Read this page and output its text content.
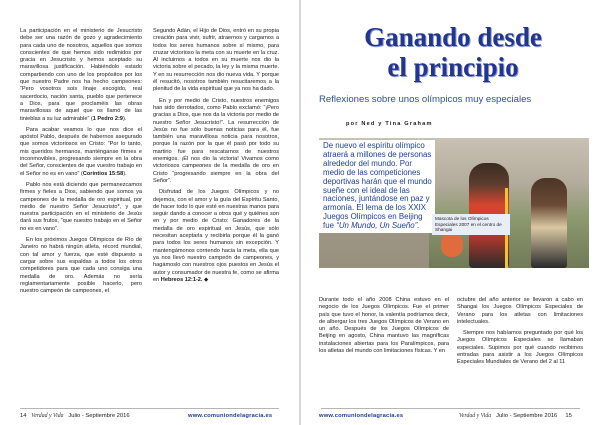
La participación en el ministerio de Jesucristo debe ser una razón de gozo y agradecimiento para cada uno de nosotros, aquellos que somos conscientes de que hemos sido redimidos por gracia en Jesucristo y hemos aceptado su maravillosa justificación. Habiéndolo estado compartiendo con uno de los propósitos por los que nuestro Padre nos ha hecho campeones: “Pero vosotros sois linaje escogido, real sacerdocio, nación santa, pueblo que pertenece a Dios, para que proclaméis las obras maravillosas de aquel que os llamó de las tinieblas a su luz admirable” (1 Pedro 2:9).

Para acabar veamos lo que nos dice el apóstol Pablo, después de habernos asegurado que somos victoriosos en Cristo: “Por lo tanto, mis queridos hermanos, manténganse firmes e inconmovibles, progresando siempre en la obra del Señor, conscientes de que vuestro trabajo en el Señor no es en vano” (Corintios 15:58).

Pablo nos está diciendo que permanezcamos firmes y fieles a Dios, sabiendo que somos ya campeones de la medalla de oro espiritual, por medio de nuestro Señor Jesucristo*, y que nuestra participación en el ministerio de Jesús dará sus frutos, “que nuestro trabajo en el Señor no es en vano”.

En los próximos Juegos Olímpicos de Río de Janeiro no habrá ningún atleta, récord mundial, con tal amor y fuerza, que esté dispuesto a cargar sobre sus espaldas a todos los otros competidores para que cada uno consiga una medalla de oro. Además no sería reglamentariamente posible hacerlo, pero nuestro campeón de campeones, el

Segundo Adán, el Hijo de Dios, entró en su propia creación para vivir, sufrir, atraernos y cargarnos a todos los seres humanos sobre sí mismo, para cruzar victorioso la meta con su muerte en la cruz. Al incluirnos a todos en su muerte nos dio la victoria sobre el pecado, la ley y la misma muerte. Y en su resurrección nos dio nueva vida. Y porque él resucitó, nosotros también resucitaremos a la plenitud de la vida espiritual que ya nos ha dado.

En y por medio de Cristo, nuestros enemigos han sido derrotados, como Pablo exclamó: “¡Pero gracias a Dios, que nos da la victoria por medio de nuestro Señor Jesucristo!”. La resurrección de Jesús no fue sólo buenas noticias para él, fue también una maravillosa noticia para nosotros, porque la razón por la que él pasó por todo su martirio fue para rescatarnos de nuestros enemigos. ¡Él nos dio la victoria! Vivamos como victoriosos campeones de la medalla de oro en Cristo “progresando siempre en la obra del Señor”.

Disfrutad de los Juegos Olímpicos y no dejemos, con el amor y la guía del Espíritu Santo, de hacer todo lo que esté en nuestras manos para seguir dando a conocer a otros qué y quiénes son en y por medio de Cristo: Ganadores de la medalla de oro espiritual en Jesús, que sólo necesitan aceptarla y recibirla porque él la ganó para todos los seres humanos sin excepción. Y mantengámonos corriendo hacia la meta, ella que ya nos llevó nuestro campeón de campeones, y hagámoslo con nuestros ojos puestos en Jesús el autor y consumador de nuestra fe, como se afirma en Hebreos 12:1-2. ◆

14 Verdad y Vida Julio - Septiembre 2016	www.comuniondelagracia.es
Ganando desde
el principio
Reflexiones sobre unos olímpicos muy especiales
por Ned y Tina Graham
De nuevo el espíritu olímpico atraerá a millones de personas alrededor del mundo. Por medio de las competiciones deportivas harán que el mundo sueñe con el ideal de las naciones, juntándose en paz y armonía. El lema de los XXIX Juegos Olímpicos en Beijing fue “Un Mundo, Un Sueño”.
Mascota de los Olímpicos Especiales 2007 en el centro de Shangai

Durante todo el año 2008 China estuvo en el negocio de los Juegos Olímpicos. Fue el primer país que tuvo el honor, la valentía podríamos decir, de albergar los tres Juegos Olímpicos de Verano en un año. Después de los Juegos Olímpicos de Beijing en agosto, China mantuvo las magníficas instalaciones abiertas para los Paralímpicos, para los atletas del mundo con limitaciones físicas. Y en

octubre del año anterior se llevaron a cabo en Shangai los Juegos Olímpicos Especiales de Verano para los atletas con limitaciones intelectuales.

Siempre nos habíamos preguntado por qué los Juegos Olímpicos Especiales se llamaban especiales. Supimos por qué cuando recibimos entradas para asistir a los Juegos Olímpicos Especiales Mundiales de Verano del 2 al 11

www.comuniondelagracia.es	Verdad y Vida Julio - Septiembre 2016 15
